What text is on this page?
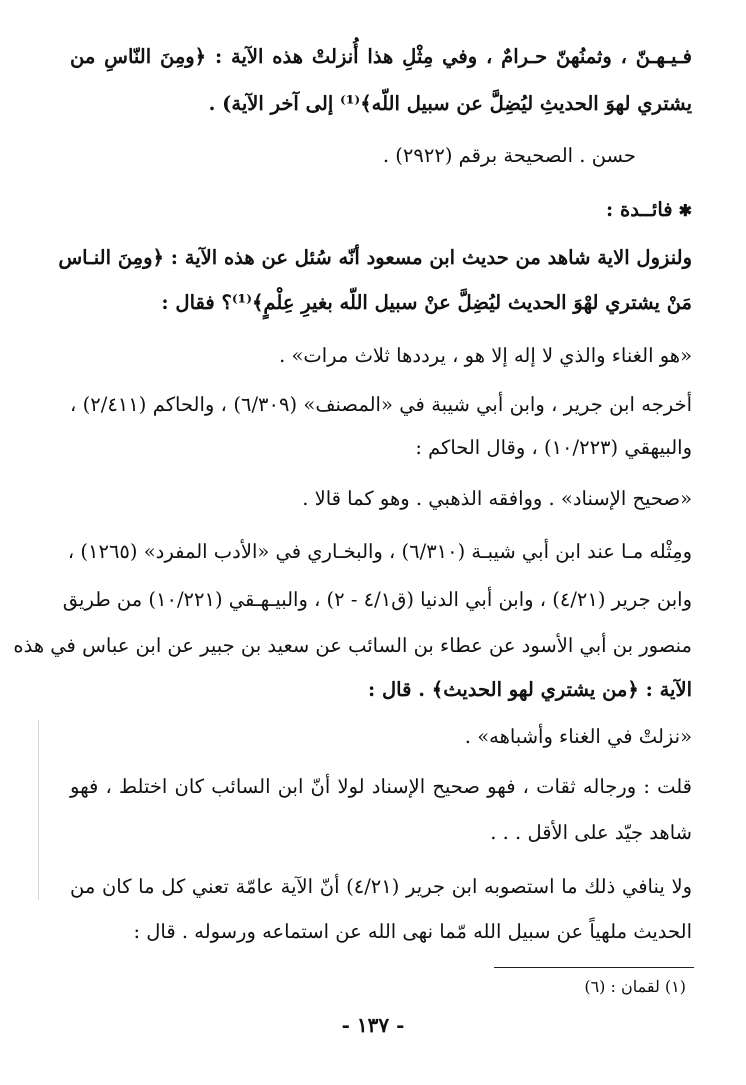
فـيـهـنّ ، وثمنُهنّ حـرامٌ ، وفي مِثْلِ هذا أُنزلتْ هذه الآية : ﴿ومِنَ النّاسِ من
يشتري لهوَ الحديثِ ليُضِلَّ عن سبيل اللّه﴾⁽¹⁾ إلى آخر الآية) .
حسن . الصحيحة برقم (٢٩٢٢) .
✱فائــدة :
ولنزول الاية شاهد من حديث ابن مسعود أنّه سُئل عن هذه الآية : ﴿ومِنَ النـاس
مَنْ يشتري لهْوَ الحديث ليُضِلَّ عنْ سبيل اللّه بغيرِ عِلْمٍ﴾⁽¹⁾؟ فقال :
«هو الغناء والذي لا إله إلا هو ، يرددها ثلاث مرات» .
أخرجه ابن جرير ، وابن أبي شيبة في «المصنف» (٦/٣٠٩) ، والحاكم (٢/٤١١) ،
والبيهقي (١٠/٢٢٣) ، وقال الحاكم :
«صحيح الإسناد» . ووافقه الذهبي . وهو كما قالا .
ومِثْله مـا عند ابن أبي شيبـة (٦/٣١٠) ، والبخـاري في «الأدب المفرد» (١٢٦٥) ،
وابن جرير (٤/٢١) ، وابن أبي الدنيا (ق٤/١ - ٢) ، والبيـهـقي (١٠/٢٢١) من طريق
منصور بن أبي الأسود عن عطاء بن السائب عن سعيد بن جبير عن ابن عباس في هذه
الآية : ﴿من يشتري لهو الحديث﴾ . قال :
«نزلتْ في الغناء وأشباهه» .
قلت : ورجاله ثقات ، فهو صحيح الإسناد لولا أنّ ابن السائب كان اختلط ، فهو
شاهد جيّد على الأقل . . .
ولا ينافي ذلك ما استصوبه ابن جرير (٤/٢١) أنّ الآية عامّة تعني كل ما كان من
الحديث ملهياً عن سبيل الله مّما نهى الله عن استماعه ورسوله . قال :
(١) لقمان : (٦)
- ١٣٧ -
